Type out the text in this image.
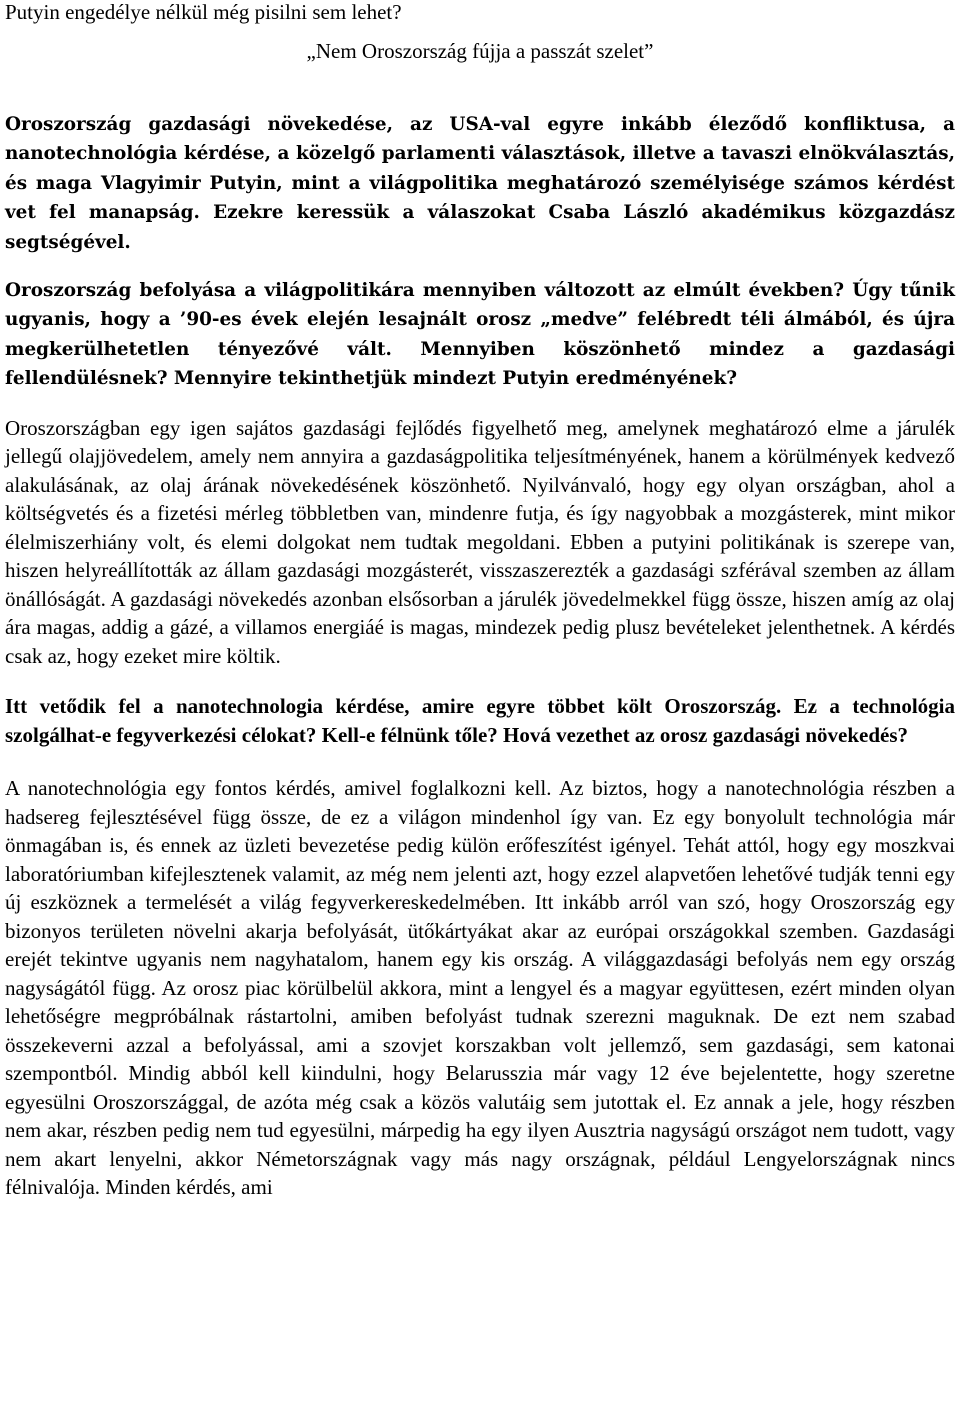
Putyin engedélye nélkül még pisilni sem lehet?

„Nem Oroszország fújja a passzát szelet”

Oroszország gazdasági növekedése, az USA-val egyre inkább éleződő konfliktusa, a nanotechnológia kérdése, a közelgő parlamenti választások, illetve a tavaszi elnökválasztás, és maga Vlagyimir Putyin, mint a világpolitika meghatározó személyisége számos kérdést vet fel manapság. Ezekre keressük a válaszokat Csaba László akadémikus közgazdász segtségével.

Oroszország befolyása a világpolitikára mennyiben változott az elmúlt években? Úgy tűnik ugyanis, hogy a ’90-es évek elején lesajnált orosz „medve” felébredt téli álmából, és újra megkerülhetetlen tényezővé vált. Mennyiben köszönhető mindez a gazdasági fellendülésnek? Mennyire tekinthetjük mindezt Putyin eredményének?

Oroszországban egy igen sajátos gazdasági fejlődés figyelhető meg, amelynek meghatározó elme a járulék jellegű olajjövedelem, amely nem annyira a gazdaságpolitika teljesítményének, hanem a körülmények kedvező alakulásának, az olaj árának növekedésének köszönhető. Nyilvánvaló, hogy egy olyan országban, ahol a költségvetés és a fizetési mérleg többletben van, mindenre futja, és így nagyobbak a mozgásterek, mint mikor élelmiszerhiány volt, és elemi dolgokat nem tudtak megoldani. Ebben a putyini politikának is szerepe van, hiszen helyreállították az állam gazdasági mozgásterét, visszaszerezték a gazdasági szférával szemben az állam önállóságát. A gazdasági növekedés azonban elsősorban a járulék jövedelmekkel függ össze, hiszen amíg az olaj ára magas, addig a gázé, a villamos energiáé is magas, mindezek pedig plusz bevételeket jelenthetnek. A kérdés csak az, hogy ezeket mire költik.

Itt vetődik fel a nanotechnologia kérdése, amire egyre többet költ Oroszország. Ez a technológia szolgálhat-e fegyverkezési célokat? Kell-e félnünk tőle? Hová vezethet az orosz gazdasági növekedés?

A nanotechnológia egy fontos kérdés, amivel foglalkozni kell. Az biztos, hogy a nanotechnológia részben a hadsereg fejlesztésével függ össze, de ez a világon mindenhol így van. Ez egy bonyolult technológia már önmagában is, és ennek az üzleti bevezetése pedig külön erőfeszítést igényel. Tehát attól, hogy egy moszkvai laboratóriumban kifejlesztenek valamit, az még nem jelenti azt, hogy ezzel alapvetően lehetővé tudják tenni egy új eszköznek a termelését a világ fegyverkereskedelmében. Itt inkább arról van szó, hogy Oroszország egy bizonyos területen növelni akarja befolyását, ütőkártyákat akar az európai országokkal szemben. Gazdasági erejét tekintve ugyanis nem nagyhatalom, hanem egy kis ország. A világgazdasági befolyás nem egy ország nagyságától függ. Az orosz piac körülbelül akkora, mint a lengyel és a magyar együttesen, ezért minden olyan lehetőségre megpróbálnak rástartolni, amiben befolyást tudnak szerezni maguknak. De ezt nem szabad összekeverni azzal a befolyással, ami a szovjet korszakban volt jellemző, sem gazdasági, sem katonai szempontból. Mindig abból kell kiindulni, hogy Belarusszia már vagy 12 éve bejelentette, hogy szeretne egyesülni Oroszországgal, de azóta még csak a közös valutáig sem jutottak el. Ez annak a jele, hogy részben nem akar, részben pedig nem tud egyesülni, márpedig ha egy ilyen Ausztria nagyságú országot nem tudott, vagy nem akart lenyelni, akkor Németországnak vagy más nagy országnak, például Lengyelországnak nincs félnivalója. Minden kérdés, ami
